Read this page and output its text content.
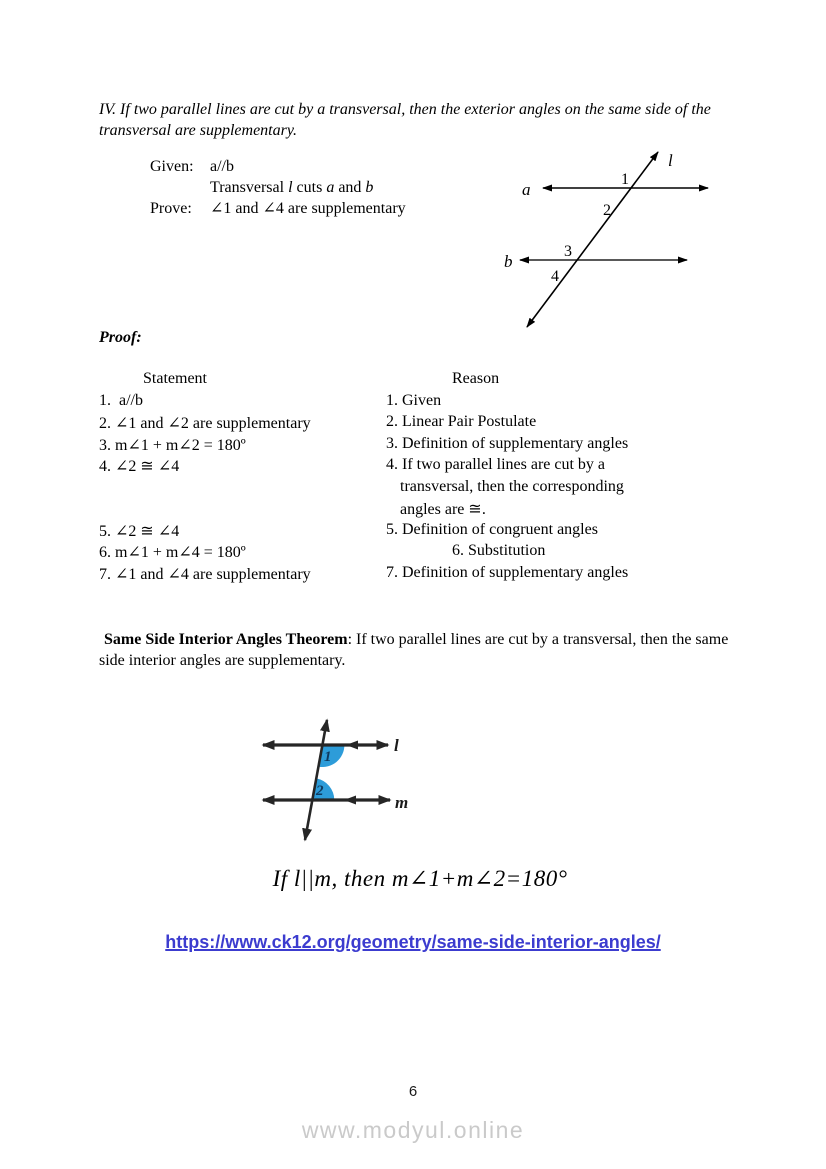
IV. If two parallel lines are cut by a transversal, then the exterior angles on the same side of the transversal are supplementary.
Given: a//b
Transversal l cuts a and b
Prove: ∠1 and ∠4 are supplementary
a
b
l
1
2
3
4
Proof:
Statement
1.  a//b
2. ∠1 and ∠2 are supplementary
3. m∠1 + m∠2 = 180º
4. ∠2 ≅ ∠4
5. ∠2 ≅ ∠4
6. m∠1 + m∠4 = 180º
7. ∠1 and ∠4 are supplementary
Reason
1. Given
2. Linear Pair Postulate
3. Definition of supplementary angles
4. If two parallel lines are cut by a
transversal, then the corresponding
angles are ≅.
5. Definition of congruent angles
6. Substitution
7. Definition of supplementary angles
Same Side Interior Angles Theorem: If two parallel lines are cut by a transversal, then the same side interior angles are supplementary.
1
2
l
m
If l||m, then m∠1+m∠2=180°
https://www.ck12.org/geometry/same-side-interior-angles/
6
www.modyul.online
